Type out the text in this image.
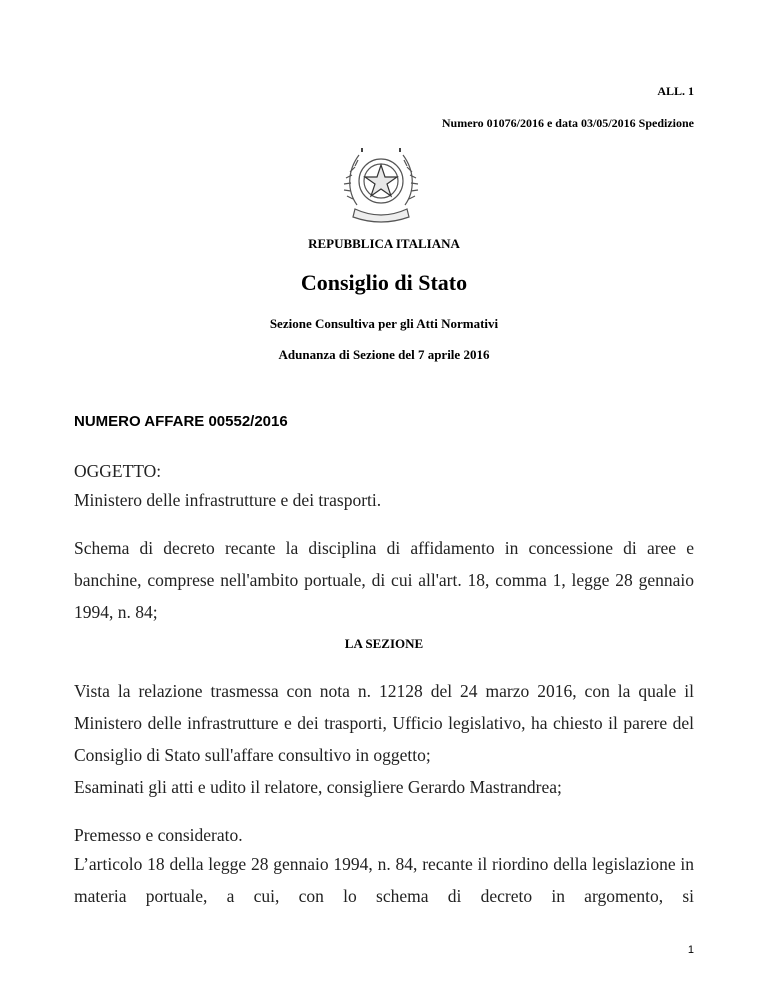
ALL. 1
Numero 01076/2016 e data 03/05/2016 Spedizione
REPUBBLICA ITALIANA
Consiglio di Stato
Sezione Consultiva per gli Atti Normativi
Adunanza di Sezione del 7 aprile 2016
NUMERO AFFARE 00552/2016
OGGETTO:
Ministero delle infrastrutture e dei trasporti.
Schema di decreto recante la disciplina di affidamento in concessione di aree e banchine, comprese nell'ambito portuale, di cui all'art. 18, comma 1, legge 28 gennaio 1994, n. 84;
LA SEZIONE
Vista la relazione trasmessa con nota n. 12128 del 24 marzo 2016, con la quale il Ministero delle infrastrutture e dei trasporti, Ufficio legislativo, ha chiesto il parere del Consiglio di Stato sull'affare consultivo in oggetto;
Esaminati gli atti e udito il relatore, consigliere Gerardo Mastrandrea;
Premesso e considerato.
L’articolo 18 della legge 28 gennaio 1994, n. 84, recante il riordino della legislazione in materia portuale, a cui, con lo schema di decreto in argomento, si
1
